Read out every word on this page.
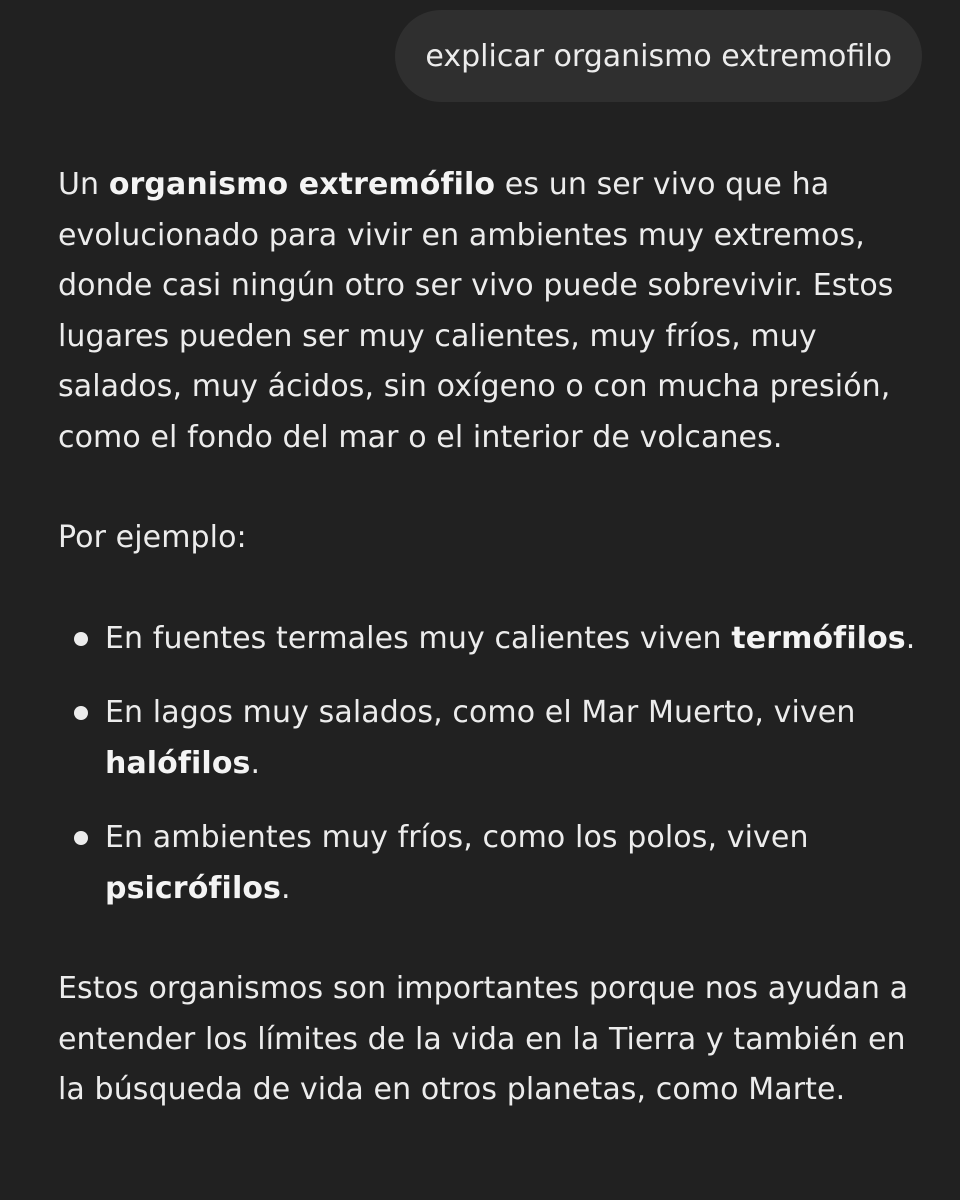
explicar organismo extremofilo

Un organismo extremófilo es un ser vivo que ha evolucionado para vivir en ambientes muy extremos, donde casi ningún otro ser vivo puede sobrevivir. Estos lugares pueden ser muy calientes, muy fríos, muy salados, muy ácidos, sin oxígeno o con mucha presión, como el fondo del mar o el interior de volcanes.

Por ejemplo:

En fuentes termales muy calientes viven termófilos.
En lagos muy salados, como el Mar Muerto, viven halófilos.
En ambientes muy fríos, como los polos, viven psicrófilos.

Estos organismos son importantes porque nos ayudan a entender los límites de la vida en la Tierra y también en la búsqueda de vida en otros planetas, como Marte.
